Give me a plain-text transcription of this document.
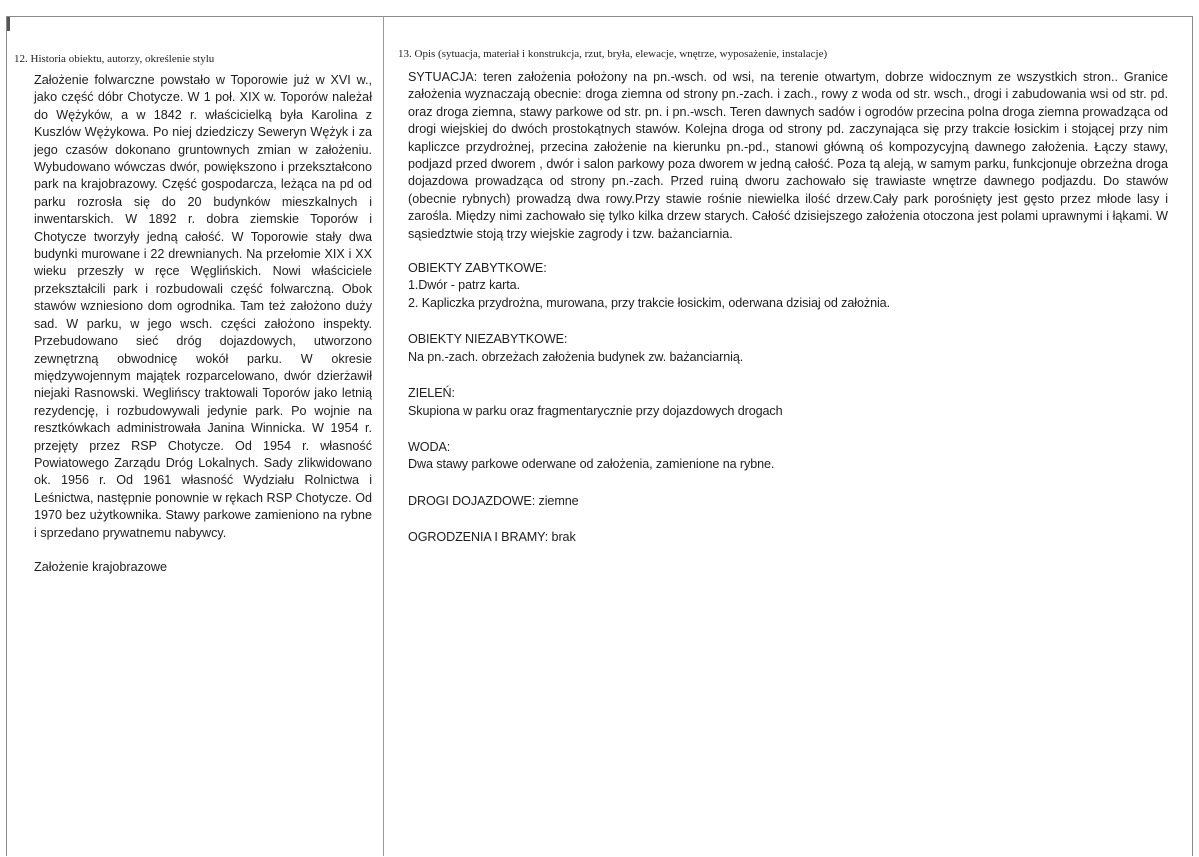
12. Historia obiektu, autorzy, określenie stylu

Założenie folwarczne powstało w Toporowie już w XVI w., jako część dóbr Chotycze. W 1 poł. XIX w. Toporów należał do Wężyków, a w 1842 r. właścicielką była Karolina z Kuszlów Wężykowa. Po niej dziedziczy Seweryn Wężyk i za jego czasów dokonano gruntownych zmian w założeniu. Wybudowano wówczas dwór, powiększono i przekształcono park na krajobrazowy. Część gospodarcza, leżąca na pd od parku rozrosła się do 20 budynków mieszkalnych i inwentarskich. W 1892 r. dobra ziemskie Toporów i Chotycze tworzyły jedną całość. W Toporowie stały dwa budynki murowane i 22 drewnianych. Na przełomie XIX i XX wieku przeszły w ręce Węglińskich. Nowi właściciele przekształcili park i rozbudowali część folwarczną. Obok stawów wzniesiono dom ogrodnika. Tam też założono duży sad. W parku, w jego wsch. części założono inspekty. Przebudowano sieć dróg dojazdowych, utworzono zewnętrzną obwodnicę wokół parku. W okresie międzywojennym majątek rozparcelowano, dwór dzierżawił niejaki Rasnowski. Weglińscy traktowali Toporów jako letnią rezydencję, i rozbudowywali jedynie park. Po wojnie na resztkówkach administrowała Janina Winnicka. W 1954 r. przejęty przez RSP Chotycze. Od 1954 r. własność Powiatowego Zarządu Dróg Lokalnych. Sady zlikwidowano ok. 1956 r. Od 1961 własność Wydziału Rolnictwa i Leśnictwa, następnie ponownie w rękach RSP Chotycze. Od 1970 bez użytkownika. Stawy parkowe zamieniono na rybne i sprzedano prywatnemu nabywcy.

Założenie krajobrazowe

13. Opis (sytuacja, materiał i konstrukcja, rzut, bryła, elewacje, wnętrze, wyposażenie, instalacje)

SYTUACJA: teren założenia położony na pn.-wsch. od wsi, na terenie otwartym, dobrze widocznym ze wszystkich stron.. Granice założenia wyznaczają obecnie: droga ziemna od strony pn.-zach. i zach., rowy z woda od str. wsch., drogi i zabudowania wsi od str. pd. oraz droga ziemna, stawy parkowe od str. pn. i pn.-wsch. Teren dawnych sadów i ogrodów przecina polna droga ziemna prowadząca od drogi wiejskiej do dwóch prostokątnych stawów. Kolejna droga od strony pd. zaczynająca się przy trakcie łosickim i stojącej przy nim kapliczce przydrożnej, przecina założenie na kierunku pn.-pd., stanowi główną oś kompozycyjną dawnego założenia. Łączy stawy, podjazd przed dworem , dwór i salon parkowy poza dworem w jedną całość. Poza tą aleją, w samym parku, funkcjonuje obrzeżna droga dojazdowa prowadząca od strony pn.-zach. Przed ruiną dworu zachowało się trawiaste wnętrze dawnego podjazdu. Do stawów (obecnie rybnych) prowadzą dwa rowy.Przy stawie rośnie niewielka ilość drzew.Cały park porośnięty jest gęsto przez młode lasy i zarośla. Między nimi zachowało się tylko kilka drzew starych. Całość dzisiejszego założenia otoczona jest polami uprawnymi i łąkami. W sąsiedztwie stoją trzy wiejskie zagrody i tzw. bażanciarnia.

OBIEKTY ZABYTKOWE:

1.Dwór - patrz karta.

2. Kapliczka przydrożna, murowana, przy trakcie łosickim, oderwana dzisiaj od założnia.

OBIEKTY NIEZABYTKOWE:

Na pn.-zach. obrzeżach założenia budynek zw. bażanciarnią.

ZIELEŃ:

Skupiona w parku oraz fragmentarycznie przy dojazdowych drogach

WODA:

Dwa stawy parkowe oderwane od założenia, zamienione na rybne.

DROGI DOJAZDOWE: ziemne

OGRODZENIA I BRAMY: brak
